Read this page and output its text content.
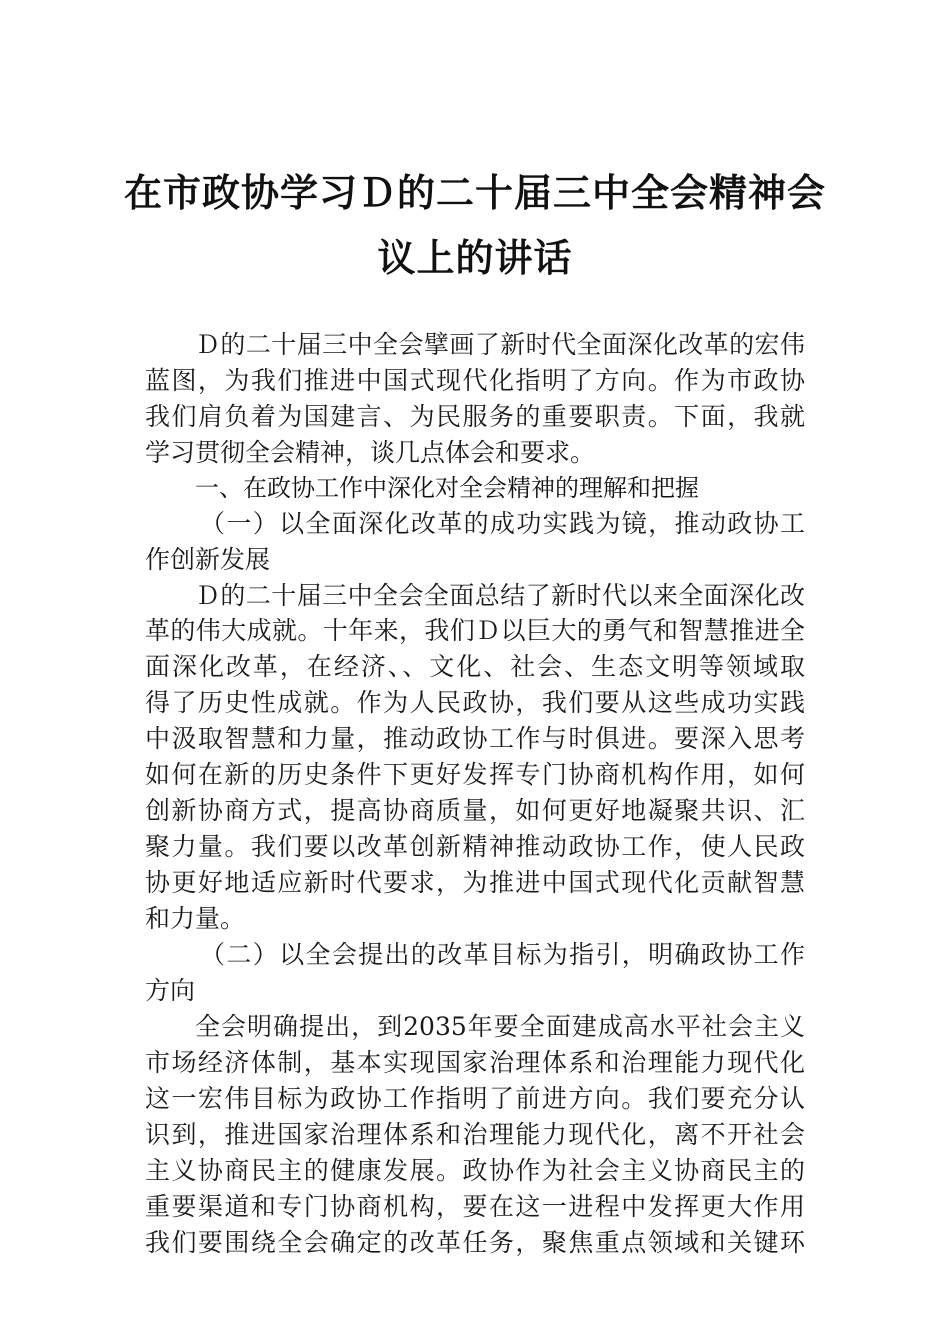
在市政协学习Ｄ的二十届三中全会精神会
议上的讲话
Ｄ的二十届三中全会擘画了新时代全面深化改革的宏伟
蓝图，为我们推进中国式现代化指明了方向。作为市政协
我们肩负着为国建言、为民服务的重要职责。下面，我就
学习贯彻全会精神，谈几点体会和要求。
一、在政协工作中深化对全会精神的理解和把握
（一）以全面深化改革的成功实践为镜，推动政协工
作创新发展
Ｄ的二十届三中全会全面总结了新时代以来全面深化改
革的伟大成就。十年来，我们Ｄ以巨大的勇气和智慧推进全
面深化改革，在经济、、文化、社会、生态文明等领域取
得了历史性成就。作为人民政协，我们要从这些成功实践
中汲取智慧和力量，推动政协工作与时俱进。要深入思考
如何在新的历史条件下更好发挥专门协商机构作用，如何
创新协商方式，提高协商质量，如何更好地凝聚共识、汇
聚力量。我们要以改革创新精神推动政协工作，使人民政
协更好地适应新时代要求，为推进中国式现代化贡献智慧
和力量。
（二）以全会提出的改革目标为指引，明确政协工作
方向
全会明确提出，到2035年要全面建成高水平社会主义
市场经济体制，基本实现国家治理体系和治理能力现代化
这一宏伟目标为政协工作指明了前进方向。我们要充分认
识到，推进国家治理体系和治理能力现代化，离不开社会
主义协商民主的健康发展。政协作为社会主义协商民主的
重要渠道和专门协商机构，要在这一进程中发挥更大作用
我们要围绕全会确定的改革任务，聚焦重点领域和关键环
